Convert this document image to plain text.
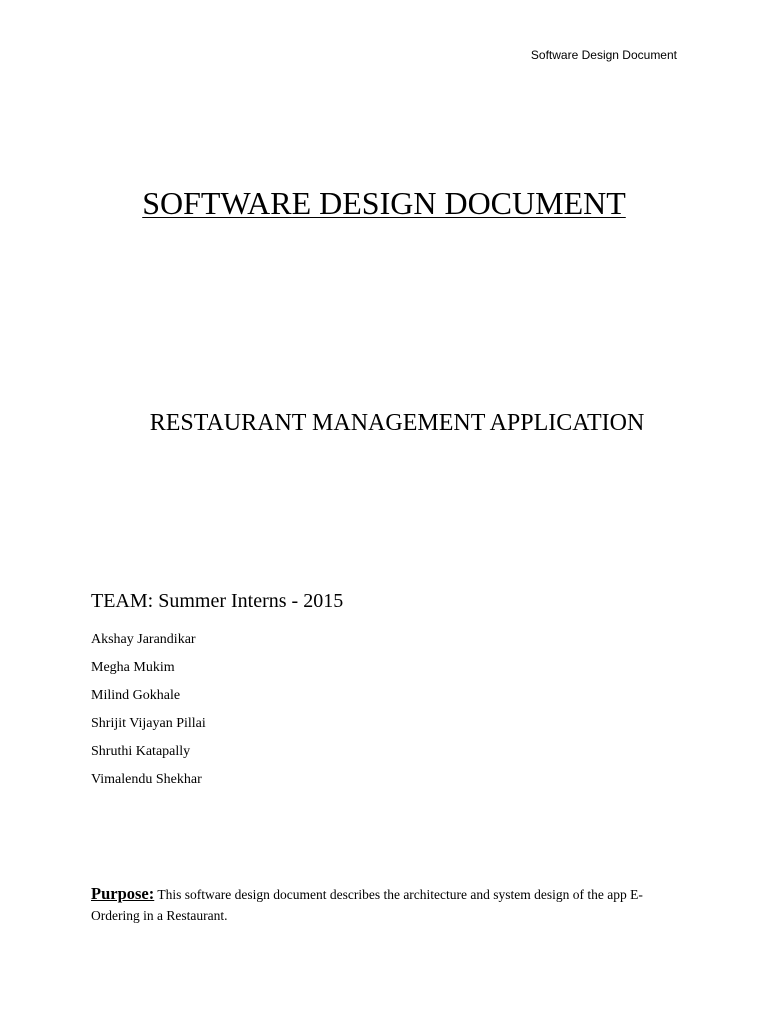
Software Design Document
SOFTWARE DESIGN DOCUMENT
RESTAURANT MANAGEMENT APPLICATION
TEAM: Summer Interns - 2015
Akshay Jarandikar
Megha Mukim
Milind Gokhale
Shrijit Vijayan Pillai
Shruthi Katapally
Vimalendu Shekhar
Purpose: This software design document describes the architecture and system design of the app E-Ordering in a Restaurant.
